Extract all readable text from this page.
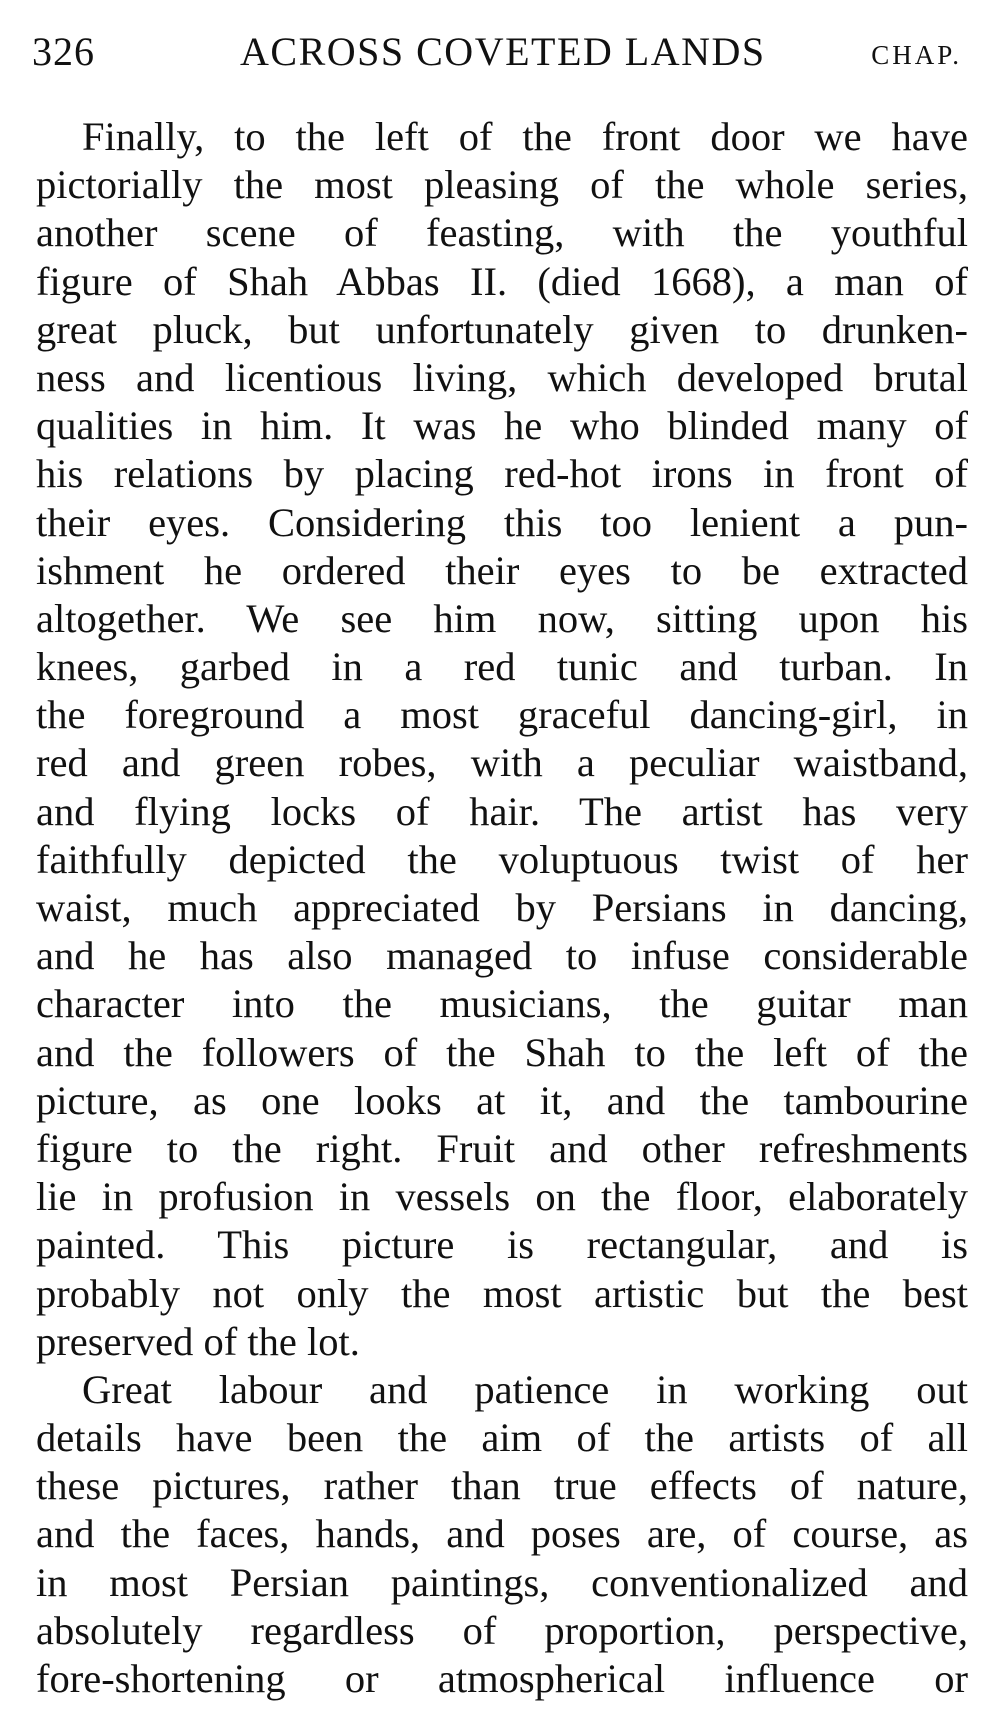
326	ACROSS COVETED LANDS	CHAP.

Finally, to the left of the front door we have
pictorially the most pleasing of the whole series,
another scene of feasting, with the youthful
figure of Shah Abbas II. (died 1668), a man of
great pluck, but unfortunately given to drunken-
ness and licentious living, which developed brutal
qualities in him. It was he who blinded many of
his relations by placing red-hot irons in front of
their eyes. Considering this too lenient a pun-
ishment he ordered their eyes to be extracted
altogether. We see him now, sitting upon his
knees, garbed in a red tunic and turban. In
the foreground a most graceful dancing-girl, in
red and green robes, with a peculiar waistband,
and flying locks of hair. The artist has very
faithfully depicted the voluptuous twist of her
waist, much appreciated by Persians in dancing,
and he has also managed to infuse considerable
character into the musicians, the guitar man
and the followers of the Shah to the left of the
picture, as one looks at it, and the tambourine
figure to the right. Fruit and other refreshments
lie in profusion in vessels on the floor, elaborately
painted. This picture is rectangular, and is
probably not only the most artistic but the best
preserved of the lot.

Great labour and patience in working out
details have been the aim of the artists of all
these pictures, rather than true effects of nature,
and the faces, hands, and poses are, of course, as
in most Persian paintings, conventionalized and
absolutely regardless of proportion, perspective,
fore-shortening or atmospherical influence or
